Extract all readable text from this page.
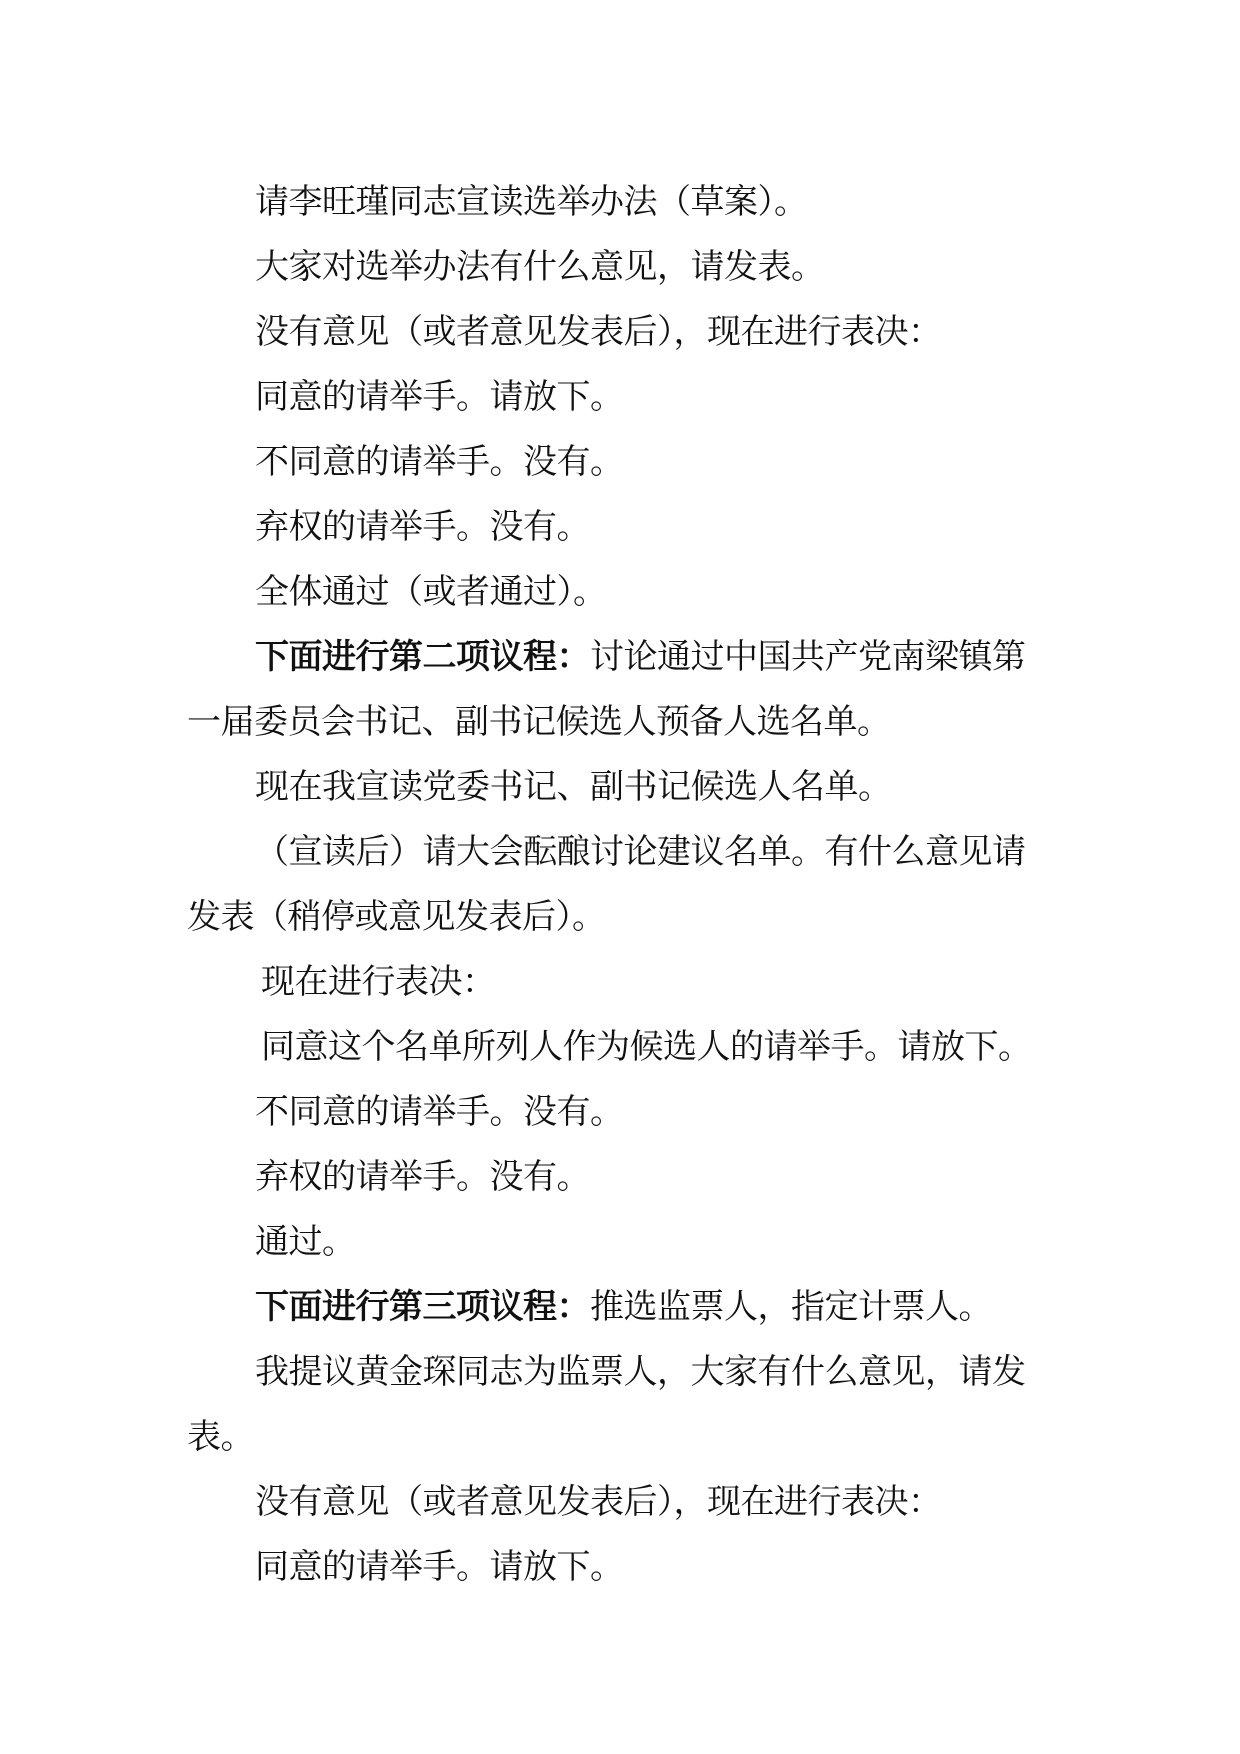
请李旺瑾同志宣读选举办法（草案）。

大家对选举办法有什么意见，请发表。

没有意见（或者意见发表后），现在进行表决：

同意的请举手。请放下。

不同意的请举手。没有。

弃权的请举手。没有。

全体通过（或者通过）。

下面进行第二项议程：讨论通过中国共产党南梁镇第一届委员会书记、副书记候选人预备人选名单。

现在我宣读党委书记、副书记候选人名单。

（宣读后）请大会酝酿讨论建议名单。有什么意见请发表（稍停或意见发表后）。

现在进行表决：

同意这个名单所列人作为候选人的请举手。请放下。

不同意的请举手。没有。

弃权的请举手。没有。

通过。

下面进行第三项议程：推选监票人，指定计票人。

我提议黄金琛同志为监票人，大家有什么意见，请发表。

没有意见（或者意见发表后），现在进行表决：

同意的请举手。请放下。
